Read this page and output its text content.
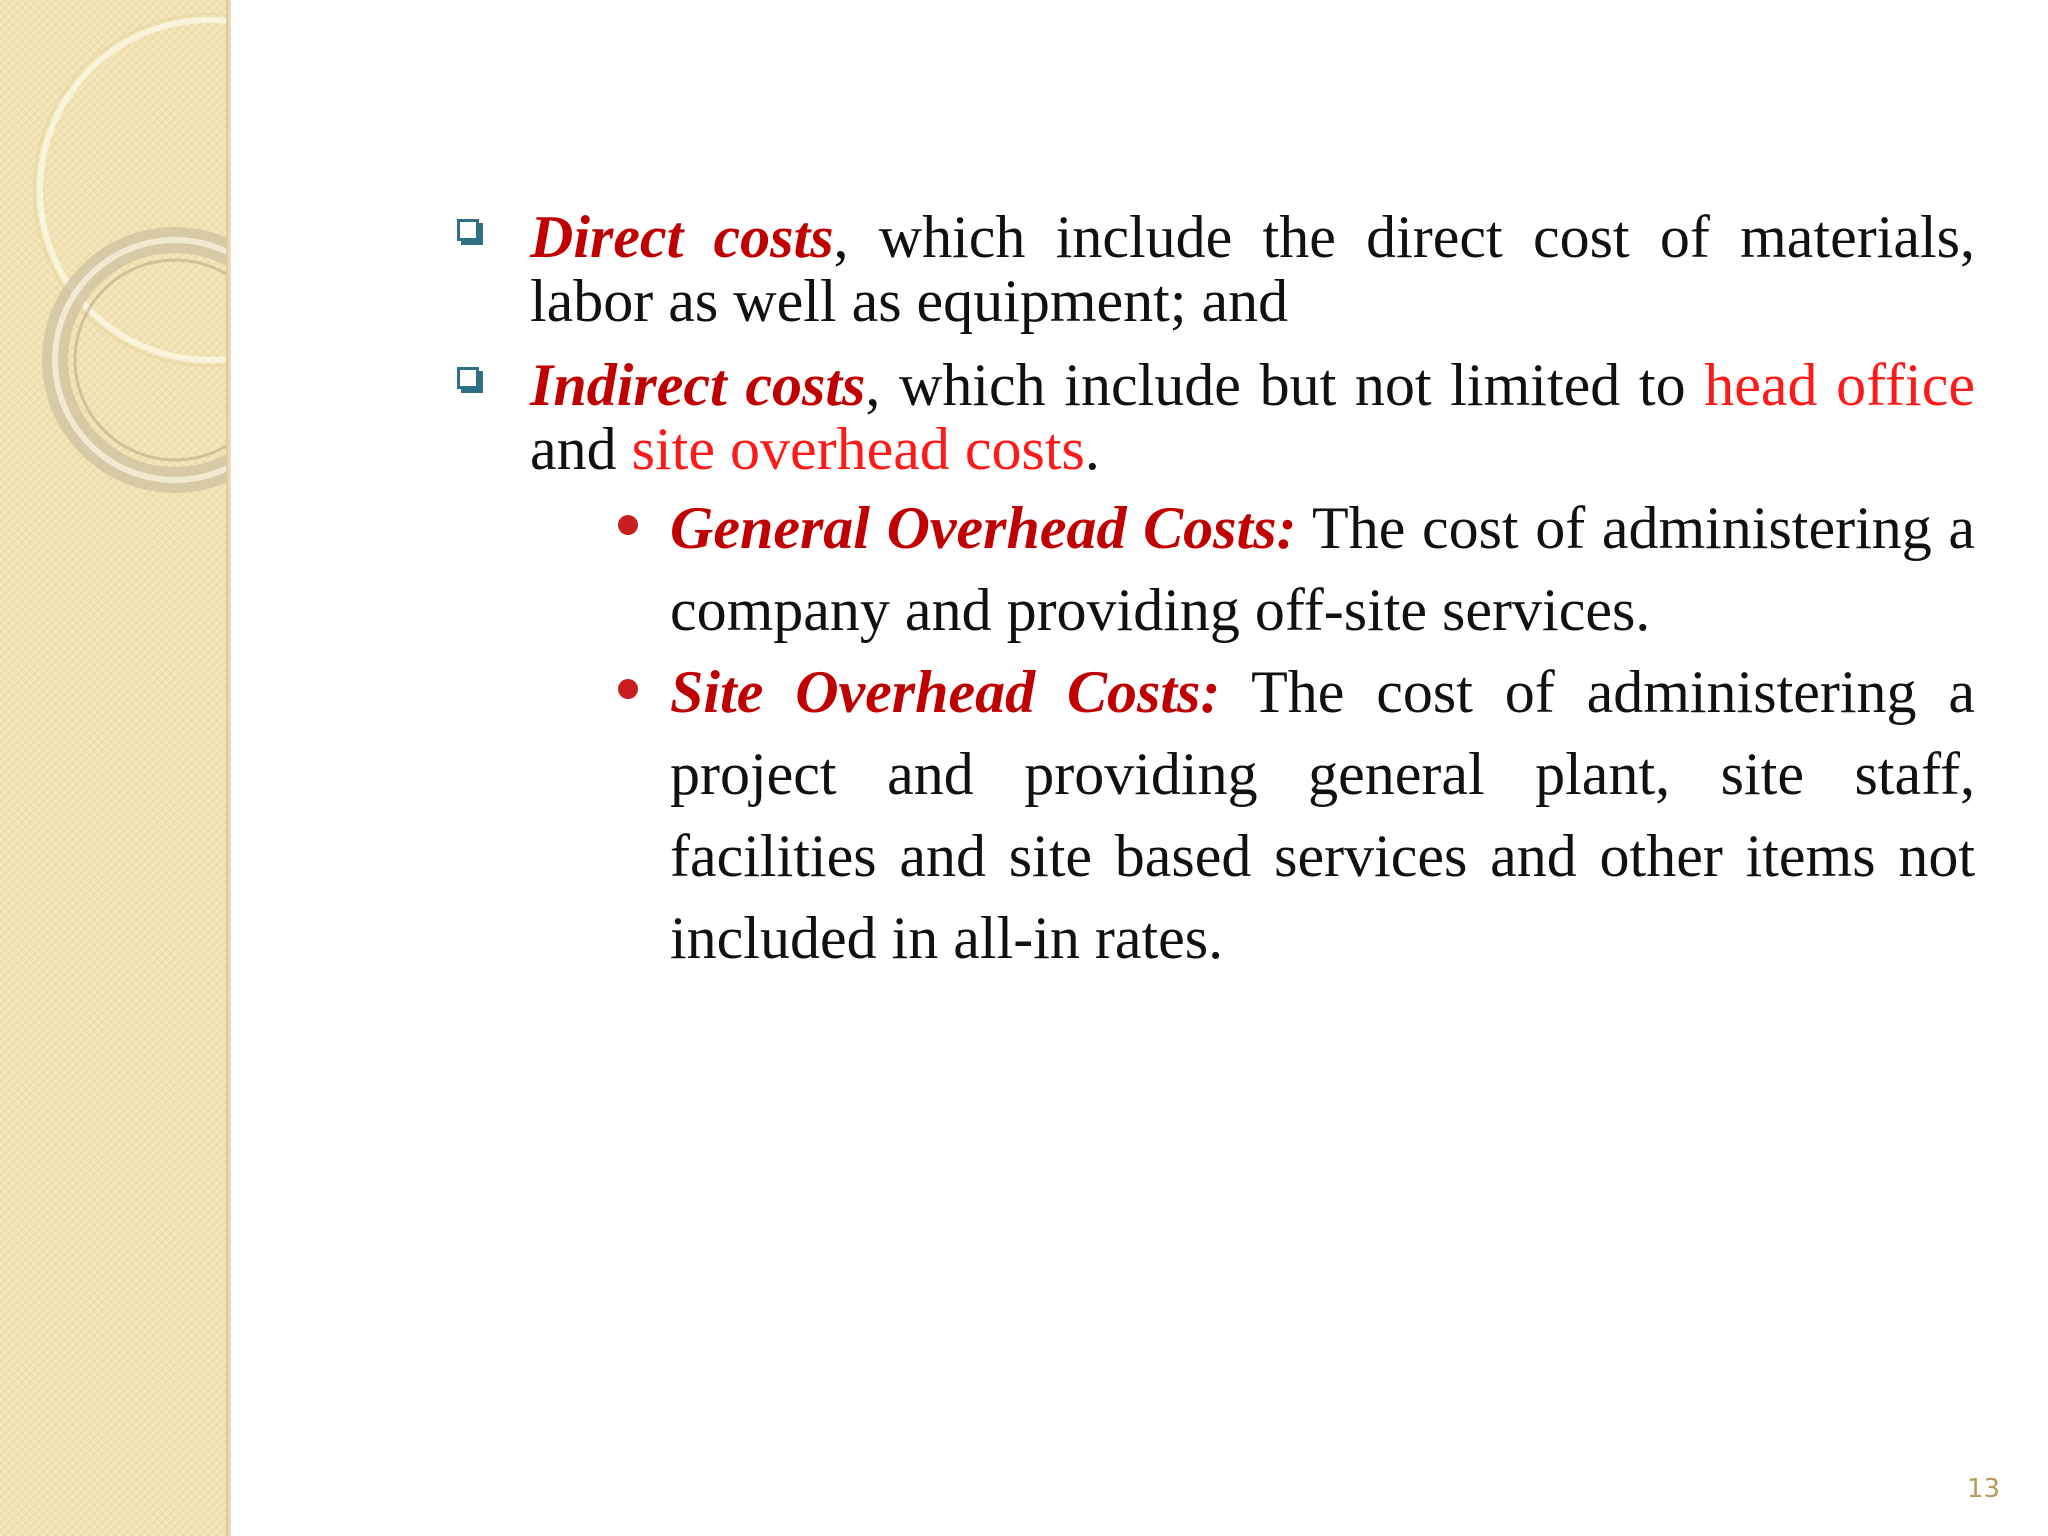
Direct costs, which include the direct cost of materials, labor as well as equipment; and

Indirect costs, which include but not limited to head office and site overhead costs.

General Overhead Costs: The cost of administering a company and providing off-site services.

Site Overhead Costs: The cost of administering a project and providing general plant, site staff, facilities and site based services and other items not included in all-in rates.

13
